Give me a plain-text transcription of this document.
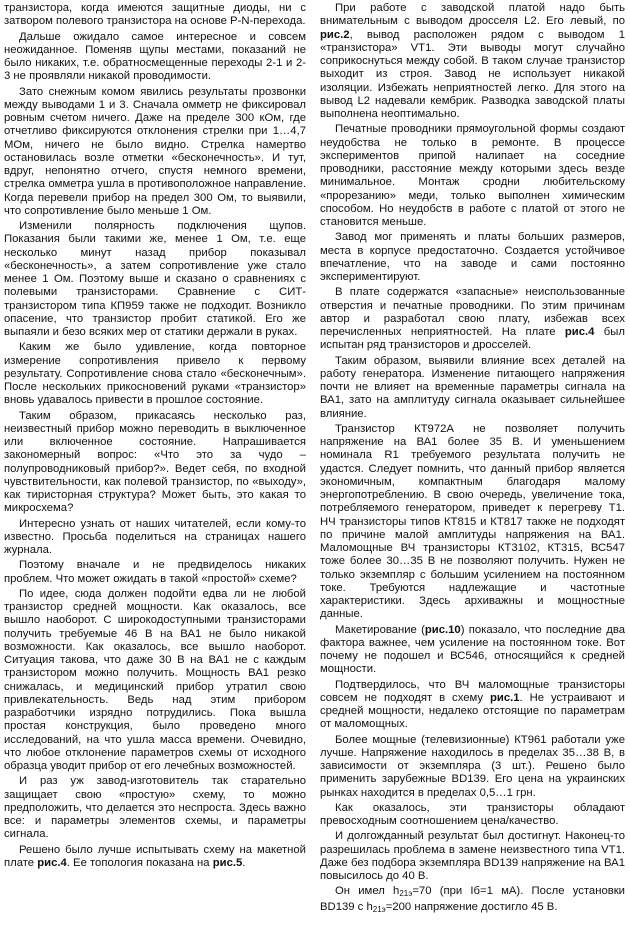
транзистора, когда имеются защитные диоды, ни с затвором полевого транзистора на основе P-N-перехода.

Дальше ожидало самое интересное и совсем неожиданное. Поменяв щупы местами, показаний не было никаких, т.е. обратносмещенные переходы 2-1 и 2-3 не проявляли никакой проводимости.

Зато снежным комом явились результаты прозвонки между выводами 1 и 3. Сначала омметр не фиксировал ровным счетом ничего. Даже на пределе 300 кОм, где отчетливо фиксируются отклонения стрелки при 1…4,7 МОм, ничего не было видно. Стрелка намертво остановилась возле отметки «бесконечность». И тут, вдруг, непонятно отчего, спустя немного времени, стрелка омметра ушла в противоположное направление. Когда перевели прибор на предел 300 Ом, то выявили, что сопротивление было меньше 1 Ом.

Изменили полярность подключения щупов. Показания были такими же, менее 1 Ом, т.е. еще несколько минут назад прибор показывал «бесконечность», а затем сопротивление уже стало менее 1 Ом. Поэтому выше и сказано о сравнениях с полевыми транзисторами. Сравнение с СИТ-транзистором типа КП959 также не подходит. Возникло опасение, что транзистор пробит статикой. Его же выпаяли и безо всяких мер от статики держали в руках.

Каким же было удивление, когда повторное измерение сопротивления привело к первому результату. Сопротивление снова стало «бесконечным». После нескольких прикосновений руками «транзистор» вновь удавалось привести в прошлое состояние.

Таким образом, прикасаясь несколько раз, неизвестный прибор можно переводить в выключенное или включенное состояние. Напрашивается закономерный вопрос: «Что это за чудо – полупроводниковый прибор?». Ведет себя, по входной чувствительности, как полевой транзистор, по «выходу», как тиристорная структура? Может быть, это какая то микросхема?

Интересно узнать от наших читателей, если кому-то известно. Просьба поделиться на страницах нашего журнала.

Поэтому вначале и не предвиделось никаких проблем. Что может ожидать в такой «простой» схеме?

По идее, сюда должен подойти едва ли не любой транзистор средней мощности. Как оказалось, все вышло наоборот. С широкодоступными транзисторами получить требуемые 46 В на ВА1 не было никакой возможности. Как оказалось, все вышло наоборот. Ситуация такова, что даже 30 В на ВА1 не с каждым транзистором можно получить. Мощность ВА1 резко снижалась, и медицинский прибор утратил свою привлекательность. Ведь над этим прибором разработчики изрядно потрудились. Пока вышла простая конструкция, было проведено много исследований, на что ушла масса времени. Очевидно, что любое отклонение параметров схемы от исходного образца уводит прибор от его лечебных возможностей.

И раз уж завод-изготовитель так старательно защищает свою «простую» схему, то можно предположить, что делается это неспроста. Здесь важно все: и параметры элементов схемы, и параметры сигнала.

Решено было лучше испытывать схему на макетной плате рис.4. Ее топология показана на рис.5.

При работе с заводской платой надо быть внимательным с выводом дросселя L2. Его левый, по рис.2, вывод расположен рядом с выводом 1 «транзистора» VT1. Эти выводы могут случайно соприкоснуться между собой. В таком случае транзистор выходит из строя. Завод не использует никакой изоляции. Избежать неприятностей легко. Для этого на вывод L2 надевали кембрик. Разводка заводской платы выполнена неоптимально.

Печатные проводники прямоугольной формы создают неудобства не только в ремонте. В процессе экспериментов припой налипает на соседние проводники, расстояние между которыми здесь везде минимальное. Монтаж сродни любительскому «прорезанию» меди, только выполнен химическим способом. Но неудобств в работе с платой от этого не становится меньше.

Завод мог применять и платы больших размеров, места в корпусе предостаточно. Создается устойчивое впечатление, что на заводе и сами постоянно экспериментируют.

В плате содержатся «запасные» неиспользованные отверстия и печатные проводники. По этим причинам автор и разработал свою плату, избежав всех перечисленных неприятностей. На плате рис.4 был испытан ряд транзисторов и дросселей.

Таким образом, выявили влияние всех деталей на работу генератора. Изменение питающего напряжения почти не влияет на временные параметры сигнала на ВА1, зато на амплитуду сигнала оказывает сильнейшее влияние.

Транзистор КТ972А не позволяет получить напряжение на ВА1 более 35 В. И уменьшением номинала R1 требуемого результата получить не удастся. Следует помнить, что данный прибор является экономичным, компактным благодаря малому энергопотреблению. В свою очередь, увеличение тока, потребляемого генератором, приведет к перегреву Т1. НЧ транзисторы типов КТ815 и КТ817 также не подходят по причине малой амплитуды напряжения на ВА1. Маломощные ВЧ транзисторы КТ3102, КТ315, ВС547 тоже более 30…35 В не позволяют получить. Нужен не только экземпляр с большим усилением на постоянном токе. Требуются надлежащие и частотные характеристики. Здесь архиважны и мощностные данные.

Макетирование (рис.10) показало, что последние два фактора важнее, чем усиление на постоянном токе. Вот почему не подошел и ВС546, относящийся к средней мощности.

Подтвердилось, что ВЧ маломощные транзисторы совсем не подходят в схему рис.1. Не устраивают и средней мощности, недалеко отстоящие по параметрам от маломощных.

Более мощные (телевизионные) КТ961 работали уже лучше. Напряжение находилось в пределах 35…38 В, в зависимости от экземпляра (3 шт.). Решено было применить зарубежные BD139. Его цена на украинских рынках находится в пределах 0,5…1 грн.

Как оказалось, эти транзисторы обладают превосходным соотношением цена/качество.

И долгожданный результат был достигнут. Наконец-то разрешилась проблема в замене неизвестного типа VT1. Даже без подбора экземпляра BD139 напряжение на ВА1 повысилось до 40 В.

Он имел $h_{21э}=70$ (при Iб=1 мА). После установки BD139 с $h_{21э}=200$ напряжение достигло 45 В.
